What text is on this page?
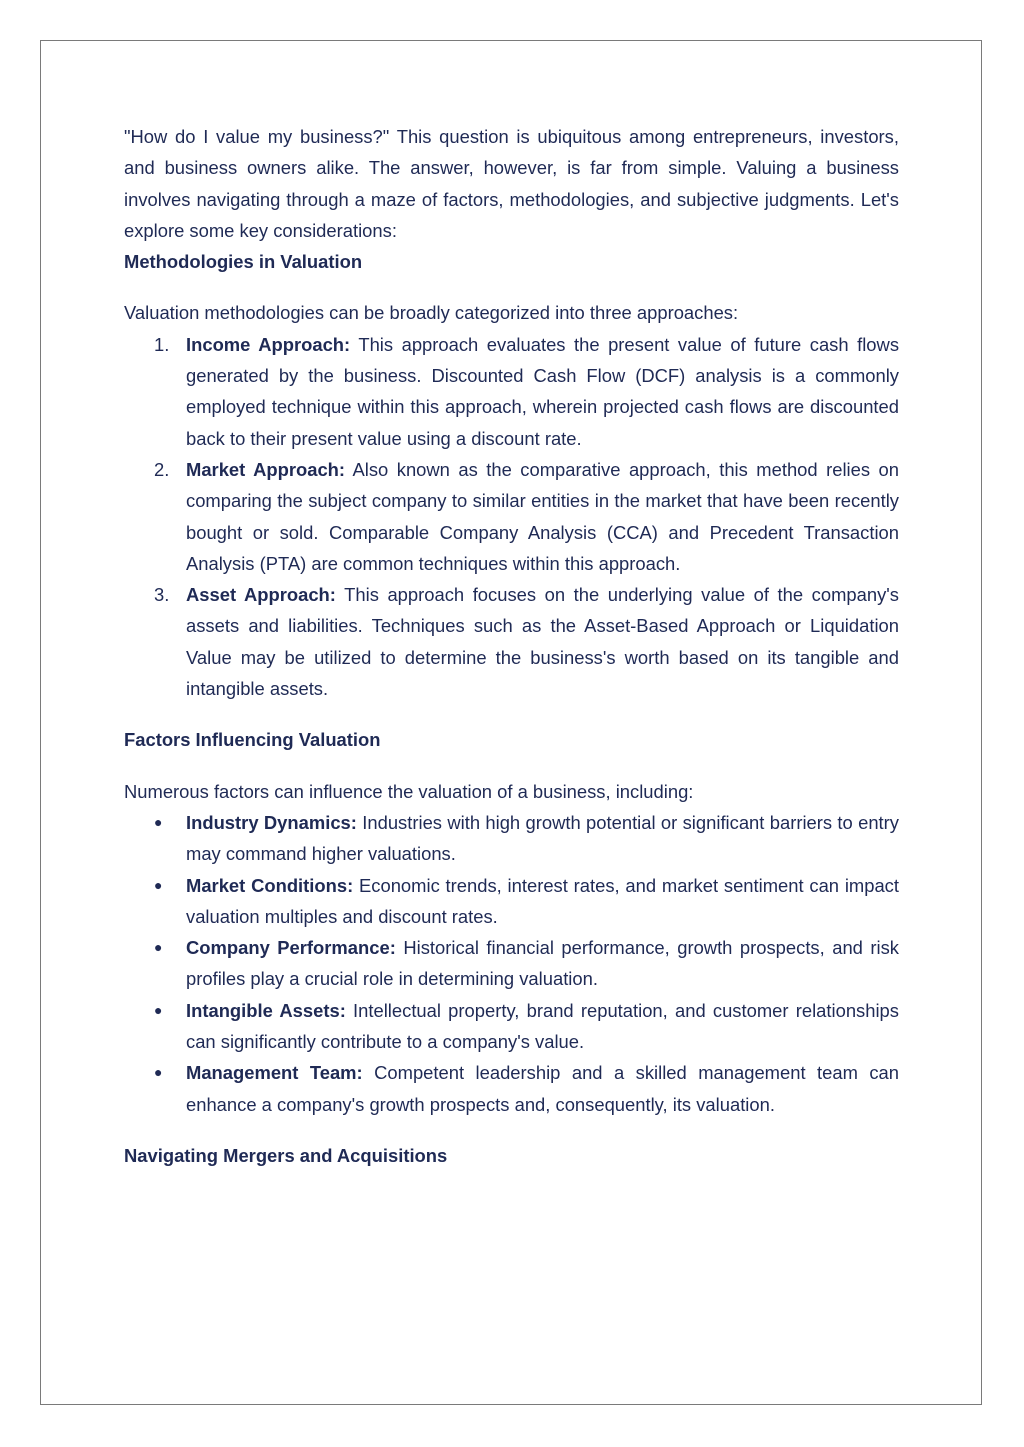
"How do I value my business?" This question is ubiquitous among entrepreneurs, investors, and business owners alike. The answer, however, is far from simple. Valuing a business involves navigating through a maze of factors, methodologies, and subjective judgments. Let's explore some key considerations:

Methodologies in Valuation

Valuation methodologies can be broadly categorized into three approaches:

1. Income Approach: This approach evaluates the present value of future cash flows generated by the business. Discounted Cash Flow (DCF) analysis is a commonly employed technique within this approach, wherein projected cash flows are discounted back to their present value using a discount rate.
2. Market Approach: Also known as the comparative approach, this method relies on comparing the subject company to similar entities in the market that have been recently bought or sold. Comparable Company Analysis (CCA) and Precedent Transaction Analysis (PTA) are common techniques within this approach.
3. Asset Approach: This approach focuses on the underlying value of the company's assets and liabilities. Techniques such as the Asset-Based Approach or Liquidation Value may be utilized to determine the business's worth based on its tangible and intangible assets.
Factors Influencing Valuation

Numerous factors can influence the valuation of a business, including:

● Industry Dynamics: Industries with high growth potential or significant barriers to entry may command higher valuations.
● Market Conditions: Economic trends, interest rates, and market sentiment can impact valuation multiples and discount rates.
● Company Performance: Historical financial performance, growth prospects, and risk profiles play a crucial role in determining valuation.
● Intangible Assets: Intellectual property, brand reputation, and customer relationships can significantly contribute to a company's value.
● Management Team: Competent leadership and a skilled management team can enhance a company's growth prospects and, consequently, its valuation.
Navigating Mergers and Acquisitions
